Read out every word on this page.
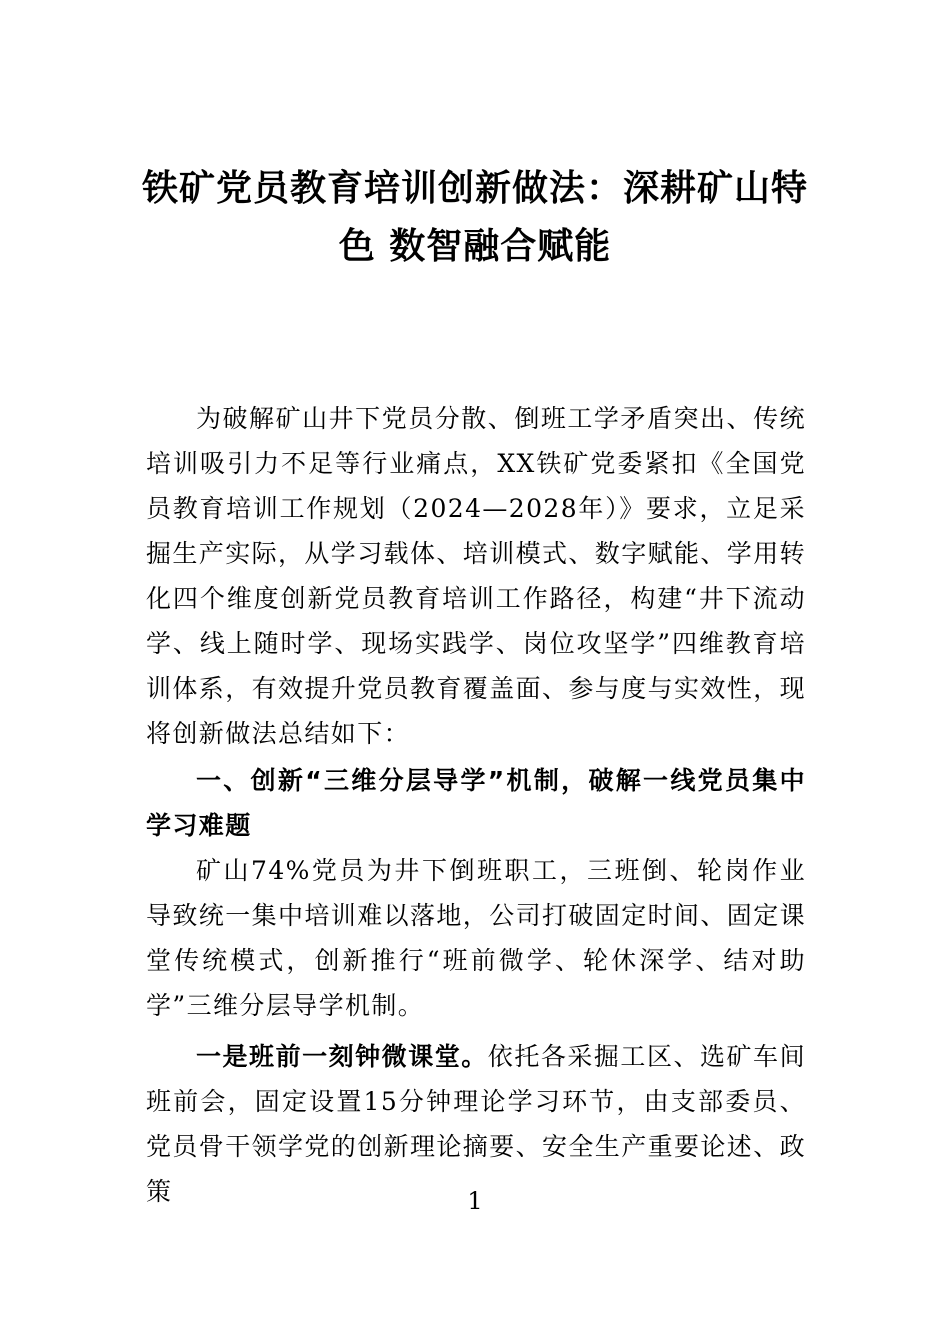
铁矿党员教育培训创新做法：深耕矿山特
色 数智融合赋能

为破解矿山井下党员分散、倒班工学矛盾突出、传统培训吸引力不足等行业痛点，XX铁矿党委紧扣《全国党员教育培训工作规划（2024—2028年）》要求，立足采掘生产实际，从学习载体、培训模式、数字赋能、学用转化四个维度创新党员教育培训工作路径，构建“井下流动学、线上随时学、现场实践学、岗位攻坚学”四维教育培训体系，有效提升党员教育覆盖面、参与度与实效性，现将创新做法总结如下：

一、创新“三维分层导学”机制，破解一线党员集中学习难题

矿山74%党员为井下倒班职工，三班倒、轮岗作业导致统一集中培训难以落地，公司打破固定时间、固定课堂传统模式，创新推行“班前微学、轮休深学、结对助学”三维分层导学机制。

一是班前一刻钟微课堂。依托各采掘工区、选矿车间班前会，固定设置15分钟理论学习环节，由支部委员、党员骨干领学党的创新理论摘要、安全生产重要论述、政策	1
